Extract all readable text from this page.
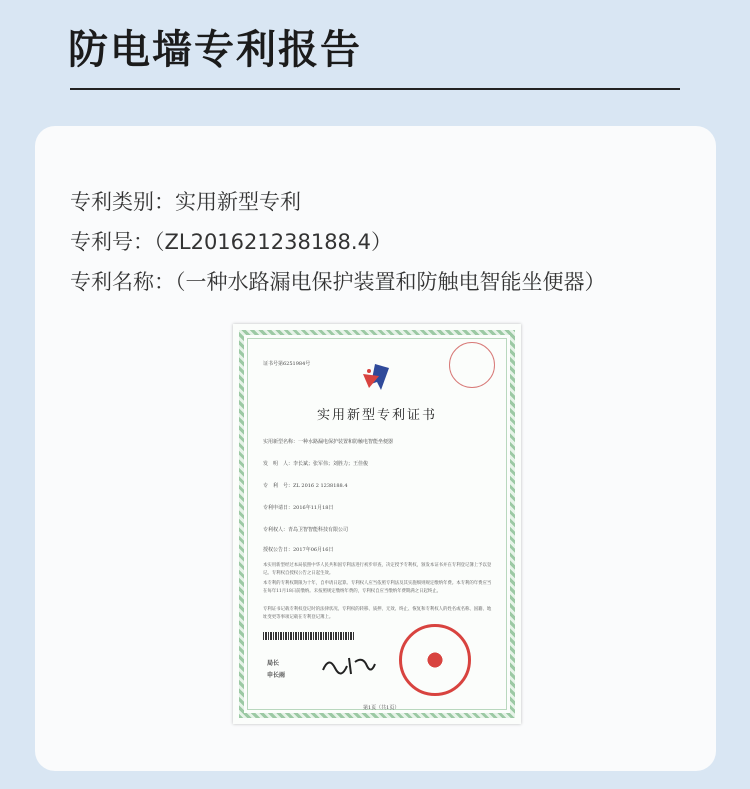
防电墙专利报告
专利类别：实用新型专利
专利号：（ZL201621238188.4）
专利名称：（一种水路漏电保护装置和防触电智能坐便器）
证书号第6251984号
实用新型专利证书
实用新型名称：一种水路漏电保护装置和防触电智能坐便器
发　明　人：李长斌；张军伟；刘胜力；王佳俊
专　利　号：ZL 2016 2 1238188.4
专利申请日：2016年11月18日
专利权人：青岛卫智智能科技有限公司
授权公告日：2017年06月16日
本实用新型经过本局依照中华人民共和国专利法进行初步审查，决定授予专利权，颁发本证书并在专利登记簿上予以登记。专利权自授权公告之日起生效。
本专利的专利权期限为十年，自申请日起算。专利权人应当依照专利法及其实施细则规定缴纳年费。本专利的年费应当在每年11月18日前缴纳。未按照规定缴纳年费的，专利权自应当缴纳年费期满之日起终止。
专利证书记载专利权登记时的法律状况。专利权的转移、质押、无效、终止、恢复和专利权人的姓名或名称、国籍、地址变更等事项记载在专利登记簿上。
局长
申长雨
第1页（共1页）
